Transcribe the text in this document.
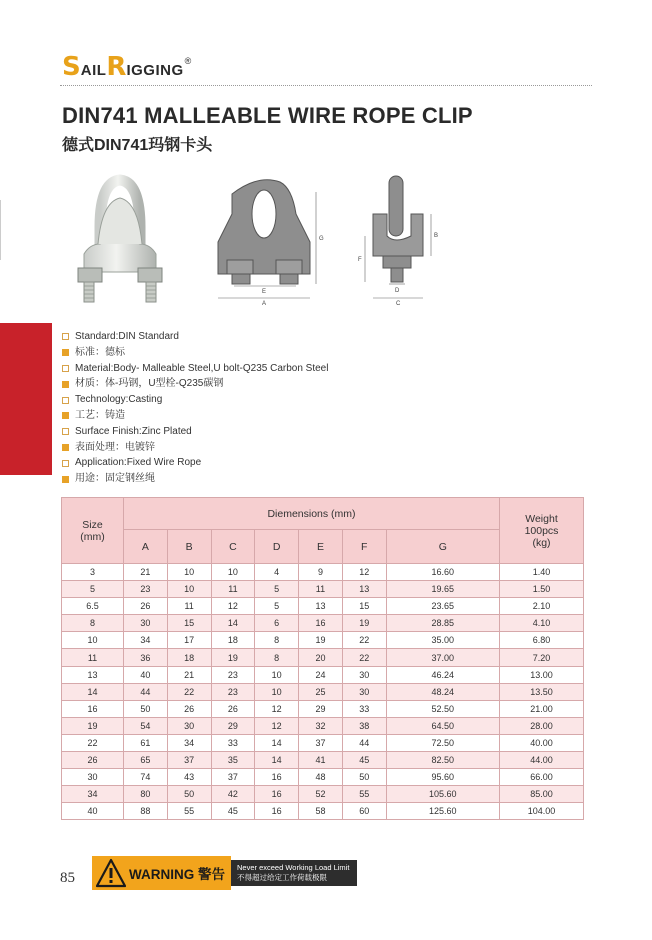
S AIL R IGGING
®
DIN741 MALLEABLE WIRE ROPE CLIP
德式DIN741玛钢卡头
G
E
A
B
F
D
C
Standard:DIN Standard
标准：德标
Material:Body- Malleable Steel,U bolt-Q235 Carbon Steel
材质：体-玛钢，U型栓-Q235碳钢
Technology:Casting
工艺：铸造
Surface Finish:Zinc Plated
表面处理：电镀锌
Application:Fixed Wire Rope
用途：固定钢丝绳
Size
(mm)	Diemensions (mm)							Weight
100pcs
(kg)
	A	B	C	D	E	F	G	
3	21	10	10	4	9	12	16.60	1.40
5	23	10	11	5	11	13	19.65	1.50
6.5	26	11	12	5	13	15	23.65	2.10
8	30	15	14	6	16	19	28.85	4.10
10	34	17	18	8	19	22	35.00	6.80
11	36	18	19	8	20	22	37.00	7.20
13	40	21	23	10	24	30	46.24	13.00
14	44	22	23	10	25	30	48.24	13.50
16	50	26	26	12	29	33	52.50	21.00
19	54	30	29	12	32	38	64.50	28.00
22	61	34	33	14	37	44	72.50	40.00
26	65	37	35	14	41	45	82.50	44.00
30	74	43	37	16	48	50	95.60	66.00
34	80	50	42	16	52	55	105.60	85.00
40	88	55	45	16	58	60	125.60	104.00
85	WARNING 警告 Never exceed Working Load Limit
不得超过给定工作荷载极限
